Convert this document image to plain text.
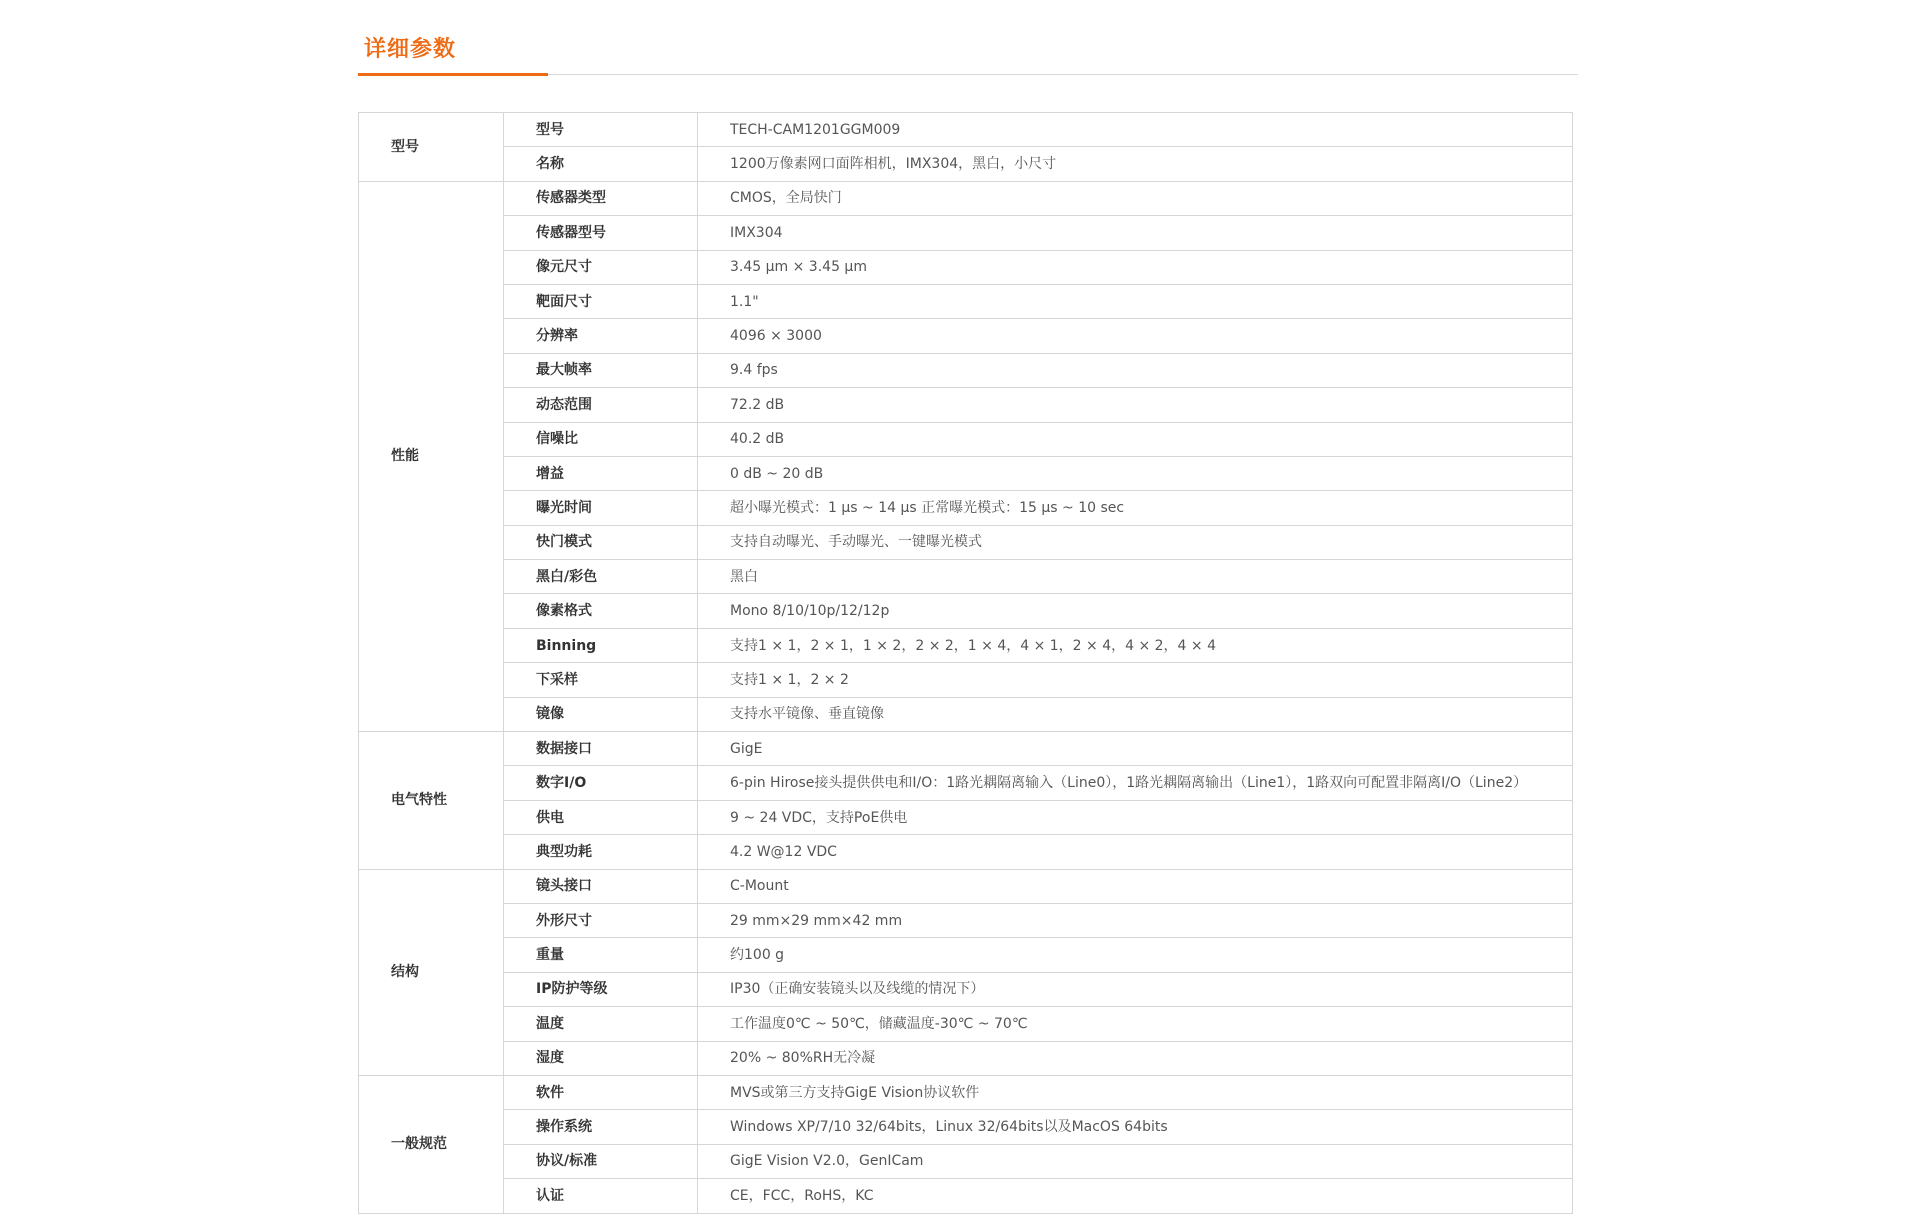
详细参数
型号	型号	TECH-CAM1201GGM009
	名称	1200万像素网口面阵相机，IMX304，黑白，小尺寸
性能	传感器类型	CMOS，全局快门
	传感器型号	IMX304
	像元尺寸	3.45 μm × 3.45 μm
	靶面尺寸	1.1"
	分辨率	4096 × 3000
	最大帧率	9.4 fps
	动态范围	72.2 dB
	信噪比	40.2 dB
	增益	0 dB ~ 20 dB
	曝光时间	超小曝光模式：1 μs ~ 14 μs 正常曝光模式：15 μs ~ 10 sec
	快门模式	支持自动曝光、手动曝光、一键曝光模式
	黑白/彩色	黑白
	像素格式	Mono 8/10/10p/12/12p
	Binning	支持1 × 1，2 × 1，1 × 2，2 × 2，1 × 4，4 × 1，2 × 4，4 × 2，4 × 4
	下采样	支持1 × 1，2 × 2
	镜像	支持水平镜像、垂直镜像
电气特性	数据接口	GigE
	数字I/O	6-pin Hirose接头提供供电和I/O：1路光耦隔离输入（Line0），1路光耦隔离输出（Line1），1路双向可配置非隔离I/O（Line2）
	供电	9 ~ 24 VDC，支持PoE供电
	典型功耗	4.2 W@12 VDC
结构	镜头接口	C-Mount
	外形尺寸	29 mm×29 mm×42 mm
	重量	约100 g
	IP防护等级	IP30（正确安装镜头以及线缆的情况下）
	温度	工作温度0℃ ~ 50℃，储藏温度-30℃ ~ 70℃
	湿度	20% ~ 80%RH无冷凝
一般规范	软件	MVS或第三方支持GigE Vision协议软件
	操作系统	Windows XP/7/10 32/64bits，Linux 32/64bits以及MacOS 64bits
	协议/标准	GigE Vision V2.0，GenICam
	认证	CE，FCC，RoHS，KC
